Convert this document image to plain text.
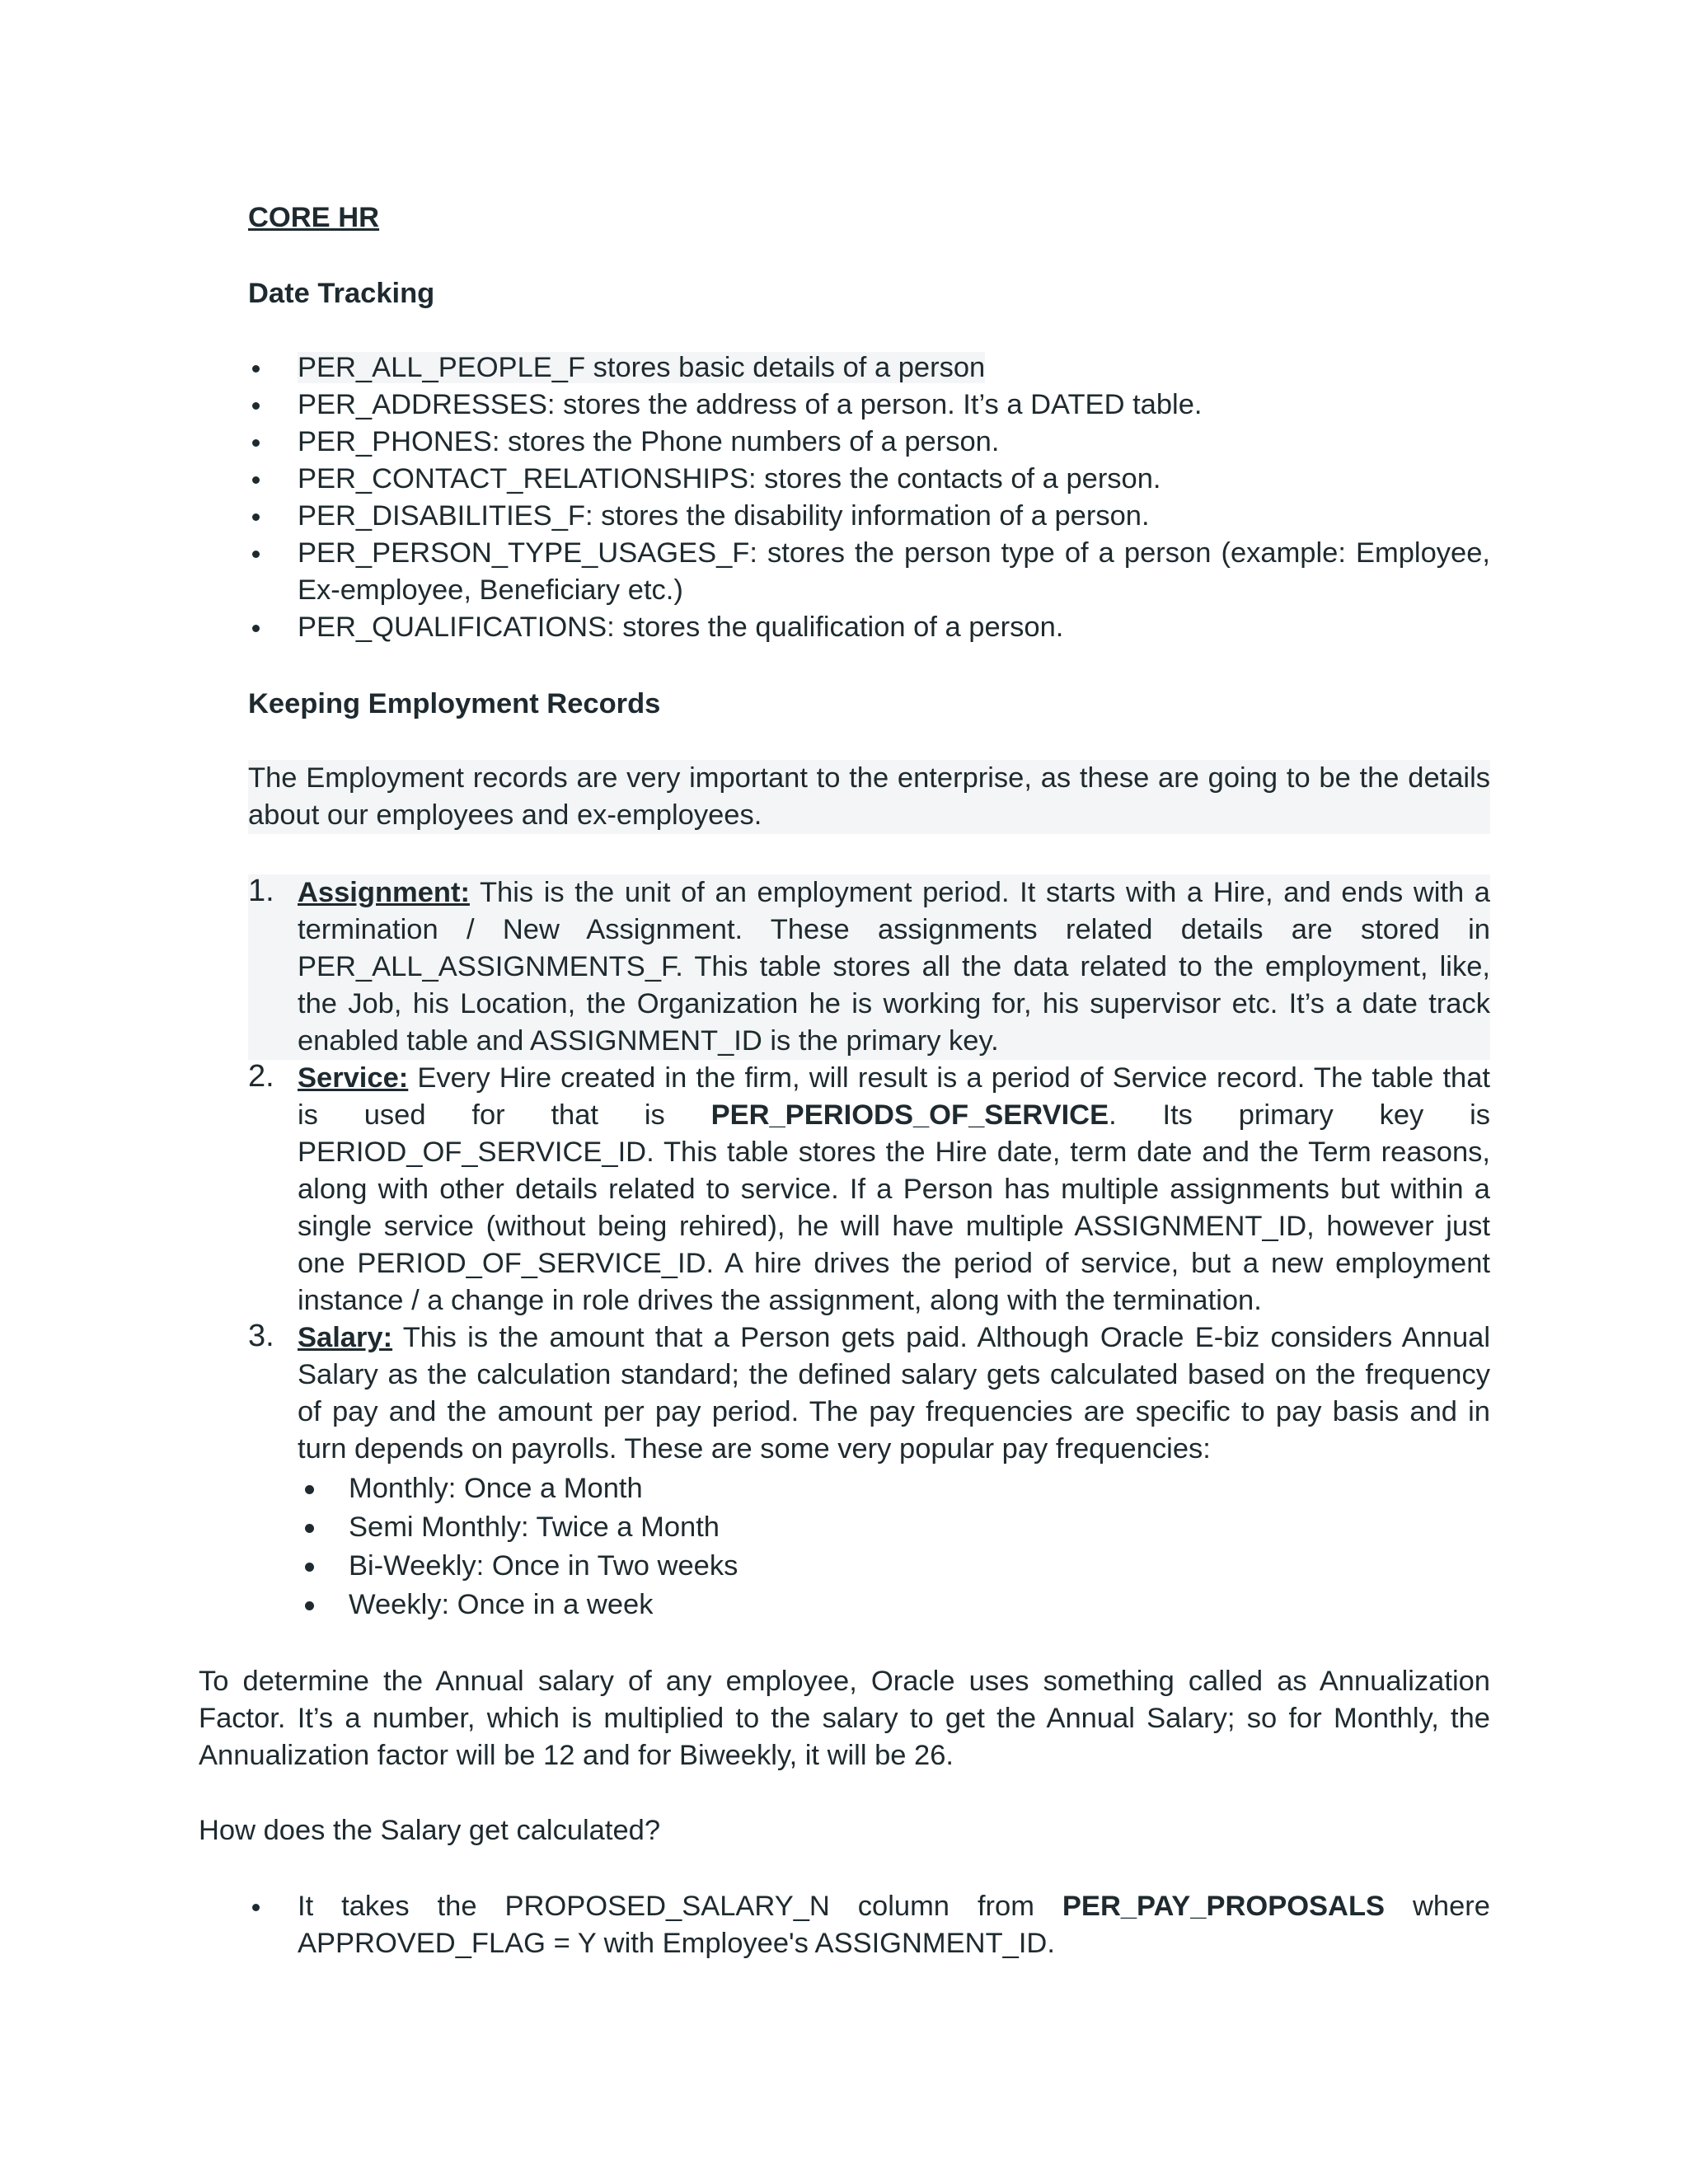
CORE HR
Date Tracking
PER_ALL_PEOPLE_F stores basic details of a person
PER_ADDRESSES: stores the address of a person. It’s a DATED table.
PER_PHONES: stores the Phone numbers of a person.
PER_CONTACT_RELATIONSHIPS: stores the contacts of a person.
PER_DISABILITIES_F: stores the disability information of a person.
PER_PERSON_TYPE_USAGES_F: stores the person type of a person (example: Employee, Ex-employee, Beneficiary etc.)
PER_QUALIFICATIONS: stores the qualification of a person.
Keeping Employment Records

The Employment records are very important to the enterprise, as these are going to be the details about our employees and ex-employees.

1. Assignment: This is the unit of an employment period. It starts with a Hire, and ends with a termination / New Assignment. These assignments related details are stored in PER_ALL_ASSIGNMENTS_F. This table stores all the data related to the employment, like, the Job, his Location, the Organization he is working for, his supervisor etc. It’s a date track enabled table and ASSIGNMENT_ID is the primary key.
2. Service: Every Hire created in the firm, will result is a period of Service record. The table that is used for that is PER_PERIODS_OF_SERVICE. Its primary key is PERIOD_OF_SERVICE_ID. This table stores the Hire date, term date and the Term reasons, along with other details related to service. If a Person has multiple assignments but within a single service (without being rehired), he will have multiple ASSIGNMENT_ID, however just one PERIOD_OF_SERVICE_ID. A hire drives the period of service, but a new employment instance / a change in role drives the assignment, along with the termination.
3. Salary: This is the amount that a Person gets paid. Although Oracle E-biz considers Annual Salary as the calculation standard; the defined salary gets calculated based on the frequency of pay and the amount per pay period. The pay frequencies are specific to pay basis and in turn depends on payrolls. These are some very popular pay frequencies:
Monthly: Once a Month
Semi Monthly: Twice a Month
Bi-Weekly: Once in Two weeks
Weekly: Once in a week

To determine the Annual salary of any employee, Oracle uses something called as Annualization Factor. It’s a number, which is multiplied to the salary to get the Annual Salary; so for Monthly, the Annualization factor will be 12 and for Biweekly, it will be 26.

How does the Salary get calculated?

It takes the PROPOSED_SALARY_N column from PER_PAY_PROPOSALS where APPROVED_FLAG = Y with Employee's ASSIGNMENT_ID.
